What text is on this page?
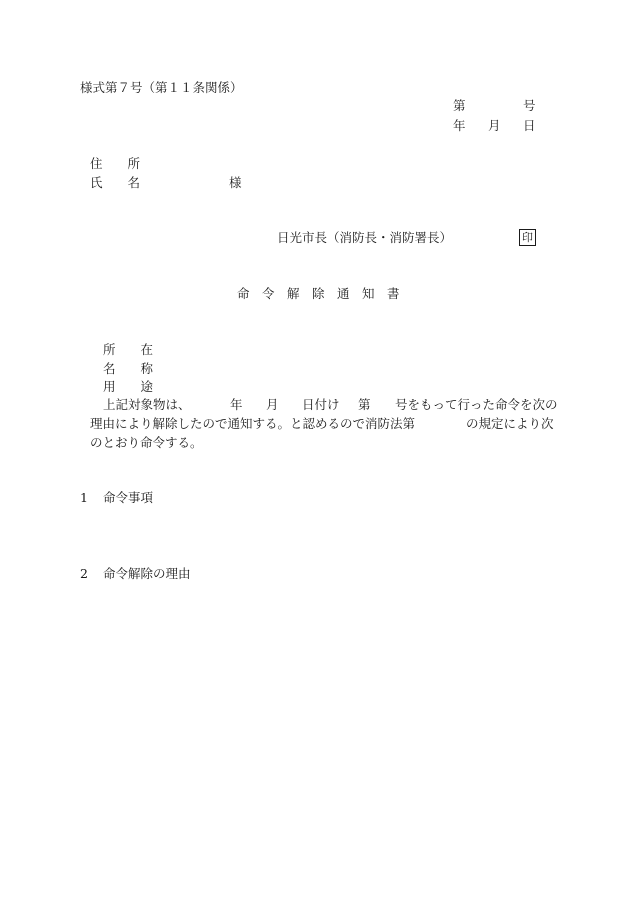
様式第７号（第１１条関係）
第	号
年 月 日
住　　所
氏　　名	様
日光市長（消防長・消防署長）	印
命　令　解　除　通　知　書
所　　在
名　　称
用　　途
上記対象物は、	年 月 日付け 第 号をもって行った命令を次の
理由により解除したので通知する。と認めるので消防法第	の規定により次
のとおり命令する。
1 命令事項
2 命令解除の理由
